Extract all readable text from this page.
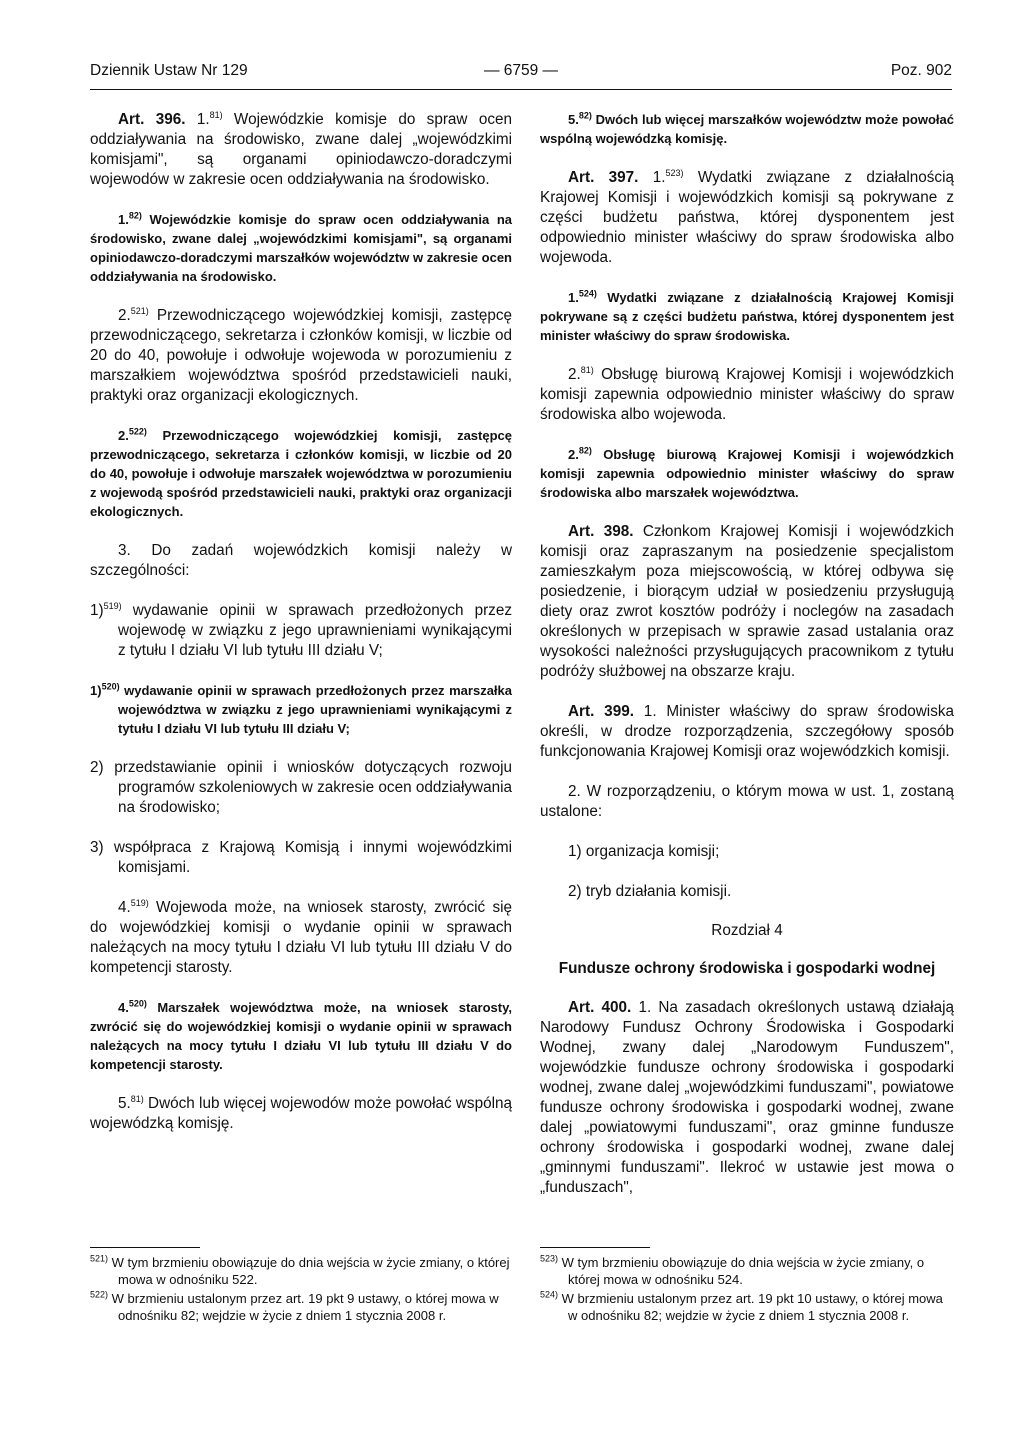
Dziennik Ustaw Nr 129	— 6759 —	Poz. 902

Art. 396. 1.$^{81)}$ Wojewódzkie komisje do spraw ocen oddziaływania na środowisko, zwane dalej „wojewódzkimi komisjami", są organami opiniodawczo-doradczymi wojewodów w zakresie ocen oddziaływania na środowisko.

1.$^{82)}$ Wojewódzkie komisje do spraw ocen oddziaływania na środowisko, zwane dalej „wojewódzkimi komisjami", są organami opiniodawczo-doradczymi marszałków województw w zakresie ocen oddziaływania na środowisko.

2.$^{521)}$ Przewodniczącego wojewódzkiej komisji, zastępcę przewodniczącego, sekretarza i członków komisji, w liczbie od 20 do 40, powołuje i odwołuje wojewoda w porozumieniu z marszałkiem województwa spośród przedstawicieli nauki, praktyki oraz organizacji ekologicznych.

2.$^{522)}$ Przewodniczącego wojewódzkiej komisji, zastępcę przewodniczącego, sekretarza i członków komisji, w liczbie od 20 do 40, powołuje i odwołuje marszałek województwa w porozumieniu z wojewodą spośród przedstawicieli nauki, praktyki oraz organizacji ekologicznych.

3. Do zadań wojewódzkich komisji należy w szczególności:

1)$^{519)}$ wydawanie opinii w sprawach przedłożonych przez wojewodę w związku z jego uprawnieniami wynikającymi z tytułu I działu VI lub tytułu III działu V;

1)$^{520)}$ wydawanie opinii w sprawach przedłożonych przez marszałka województwa w związku z jego uprawnieniami wynikającymi z tytułu I działu VI lub tytułu III działu V;

2) przedstawianie opinii i wniosków dotyczących rozwoju programów szkoleniowych w zakresie ocen oddziaływania na środowisko;

3) współpraca z Krajową Komisją i innymi wojewódzkimi komisjami.

4.$^{519)}$ Wojewoda może, na wniosek starosty, zwrócić się do wojewódzkiej komisji o wydanie opinii w sprawach należących na mocy tytułu I działu VI lub tytułu III działu V do kompetencji starosty.

4.$^{520)}$ Marszałek województwa może, na wniosek starosty, zwrócić się do wojewódzkiej komisji o wydanie opinii w sprawach należących na mocy tytułu I działu VI lub tytułu III działu V do kompetencji starosty.

5.$^{81)}$ Dwóch lub więcej wojewodów może powołać wspólną wojewódzką komisję.

5.$^{82)}$ Dwóch lub więcej marszałków województw może powołać wspólną wojewódzką komisję.

Art. 397. 1.$^{523)}$ Wydatki związane z działalnością Krajowej Komisji i wojewódzkich komisji są pokrywane z części budżetu państwa, której dysponentem jest odpowiednio minister właściwy do spraw środowiska albo wojewoda.

1.$^{524)}$ Wydatki związane z działalnością Krajowej Komisji pokrywane są z części budżetu państwa, której dysponentem jest minister właściwy do spraw środowiska.

2.$^{81)}$ Obsługę biurową Krajowej Komisji i wojewódzkich komisji zapewnia odpowiednio minister właściwy do spraw środowiska albo wojewoda.

2.$^{82)}$ Obsługę biurową Krajowej Komisji i wojewódzkich komisji zapewnia odpowiednio minister właściwy do spraw środowiska albo marszałek województwa.

Art. 398. Członkom Krajowej Komisji i wojewódzkich komisji oraz zapraszanym na posiedzenie specjalistom zamieszkałym poza miejscowością, w której odbywa się posiedzenie, i biorącym udział w posiedzeniu przysługują diety oraz zwrot kosztów podróży i noclegów na zasadach określonych w przepisach w sprawie zasad ustalania oraz wysokości należności przysługujących pracownikom z tytułu podróży służbowej na obszarze kraju.

Art. 399. 1. Minister właściwy do spraw środowiska określi, w drodze rozporządzenia, szczegółowy sposób funkcjonowania Krajowej Komisji oraz wojewódzkich komisji.

2. W rozporządzeniu, o którym mowa w ust. 1, zostaną ustalone:

1) organizacja komisji;

2) tryb działania komisji.

Rozdział 4
Fundusze ochrony środowiska i gospodarki wodnej

Art. 400. 1. Na zasadach określonych ustawą działają Narodowy Fundusz Ochrony Środowiska i Gospodarki Wodnej, zwany dalej „Narodowym Funduszem", wojewódzkie fundusze ochrony środowiska i gospodarki wodnej, zwane dalej „wojewódzkimi funduszami", powiatowe fundusze ochrony środowiska i gospodarki wodnej, zwane dalej „powiatowymi funduszami", oraz gminne fundusze ochrony środowiska i gospodarki wodnej, zwane dalej „gminnymi funduszami". Ilekroć w ustawie jest mowa o „funduszach",

$^{521)}$ W tym brzmieniu obowiązuje do dnia wejścia w życie zmiany, o której mowa w odnośniku 522.
$^{522)}$ W brzmieniu ustalonym przez art. 19 pkt 9 ustawy, o której mowa w odnośniku 82; wejdzie w życie z dniem 1 stycznia 2008 r.
$^{523)}$ W tym brzmieniu obowiązuje do dnia wejścia w życie zmiany, o której mowa w odnośniku 524.
$^{524)}$ W brzmieniu ustalonym przez art. 19 pkt 10 ustawy, o której mowa w odnośniku 82; wejdzie w życie z dniem 1 stycznia 2008 r.
